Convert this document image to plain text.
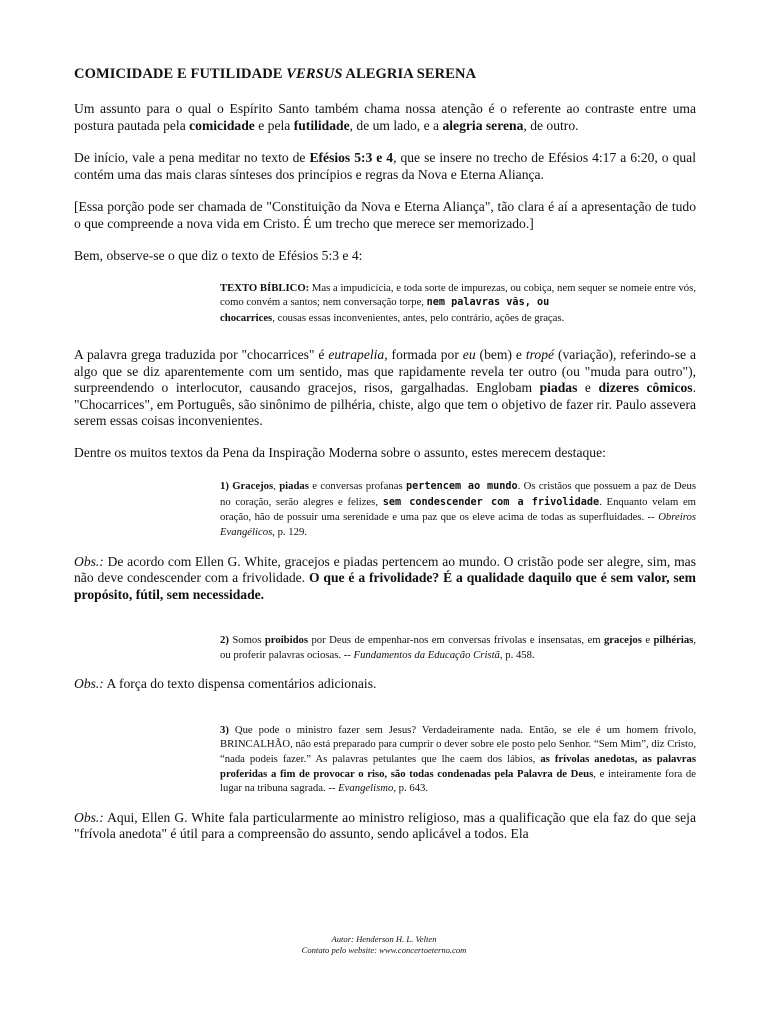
COMICIDADE E FUTILIDADE VERSUS ALEGRIA SERENA

Um assunto para o qual o Espírito Santo também chama nossa atenção é o referente ao contraste entre uma postura pautada pela comicidade e pela futilidade, de um lado, e a alegria serena, de outro.

De início, vale a pena meditar no texto de Efésios 5:3 e 4, que se insere no trecho de Efésios 4:17 a 6:20, o qual contém uma das mais claras sínteses dos princípios e regras da Nova e Eterna Aliança.

[Essa porção pode ser chamada de "Constituição da Nova e Eterna Aliança", tão clara é aí a apresentação de tudo o que compreende a nova vida em Cristo. É um trecho que merece ser memorizado.]

Bem, observe-se o que diz o texto de Efésios 5:3 e 4:

TEXTO BÍBLICO: Mas a impudicícia, e toda sorte de impurezas, ou cobiça, nem sequer se nomeie entre vós, como convém a santos; nem conversação torpe, nem palavras vãs, ou
chocarrices, cousas essas inconvenientes, antes, pelo contrário, ações de graças.

A palavra grega traduzida por "chocarrices" é eutrapelia, formada por eu (bem) e tropé (variação), referindo-se a algo que se diz aparentemente com um sentido, mas que rapidamente revela ter outro (ou "muda para outro"), surpreendendo o interlocutor, causando gracejos, risos, gargalhadas. Englobam piadas e dizeres cômicos. "Chocarrices", em Português, são sinônimo de pilhéria, chiste, algo que tem o objetivo de fazer rir. Paulo assevera serem essas coisas inconvenientes.

Dentre os muitos textos da Pena da Inspiração Moderna sobre o assunto, estes merecem destaque:

1) Gracejos, piadas e conversas profanas pertencem ao mundo. Os cristãos que possuem a paz de Deus no coração, serão alegres e felizes, sem condescender com a frivolidade. Enquanto velam em oração, hão de possuir uma serenidade e uma paz que os eleve acima de todas as superfluidades. -- Obreiros Evangélicos, p. 129.

Obs.: De acordo com Ellen G. White, gracejos e piadas pertencem ao mundo. O cristão pode ser alegre, sim, mas não deve condescender com a frivolidade. O que é a frivolidade? É a qualidade daquilo que é sem valor, sem propósito, fútil, sem necessidade.

2) Somos proibidos por Deus de empenhar-nos em conversas frívolas e insensatas, em gracejos e pilhérias, ou proferir palavras ociosas. -- Fundamentos da Educação Cristã, p. 458.

Obs.: A força do texto dispensa comentários adicionais.

3) Que pode o ministro fazer sem Jesus? Verdadeiramente nada. Então, se ele é um homem frívolo, BRINCALHÃO, não está preparado para cumprir o dever sobre ele posto pelo Senhor. “Sem Mim”, diz Cristo, “nada podeis fazer.” As palavras petulantes que lhe caem dos lábios, as frívolas anedotas, as palavras proferidas a fim de provocar o riso, são todas condenadas pela Palavra de Deus, e inteiramente fora de lugar na tribuna sagrada. -- Evangelismo, p. 643.

Obs.: Aqui, Ellen G. White fala particularmente ao ministro religioso, mas a qualificação que ela faz do que seja "frívola anedota" é útil para a compreensão do assunto, sendo aplicável a todos. Ela

Autor: Henderson H. L. Velten
Contato pelo website: www.concertoeterno.com
